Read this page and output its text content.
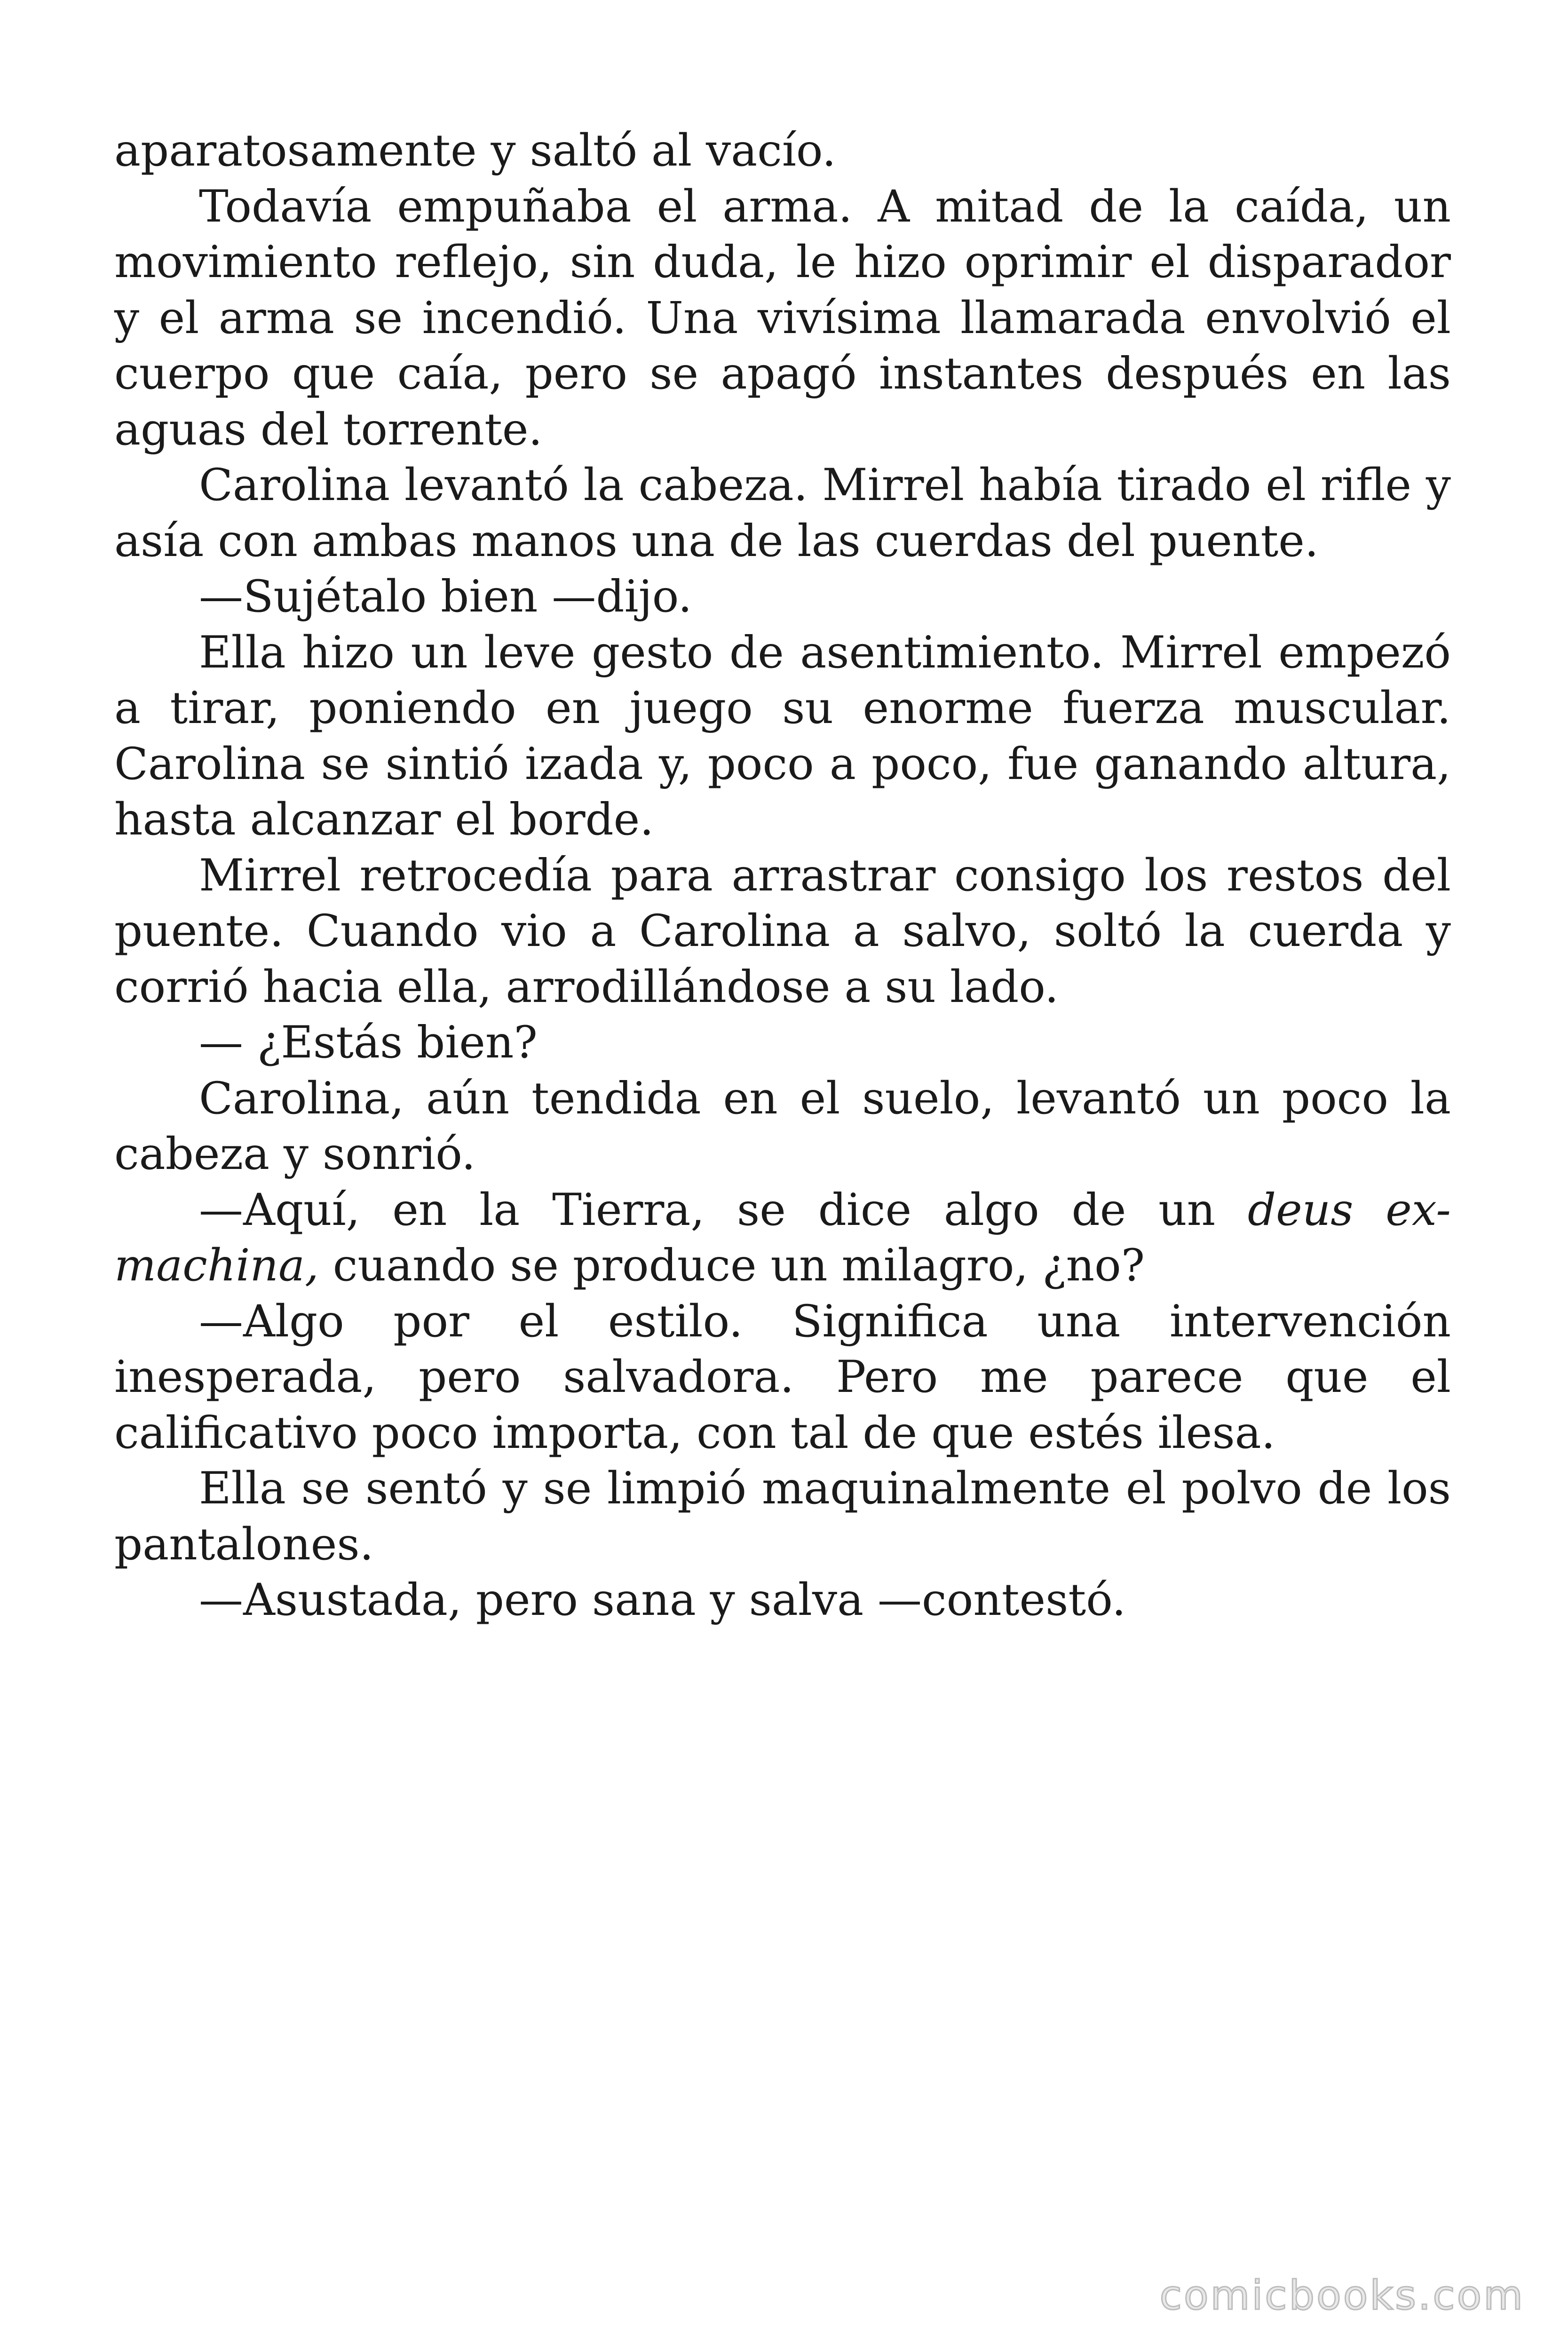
aparatosamente y saltó al vacío.

Todavía empuñaba el arma. A mitad de la caída, un movimiento reflejo, sin duda, le hizo oprimir el disparador y el arma se incendió. Una vivísima llamarada envolvió el cuerpo que caía, pero se apagó instantes después en las aguas del torrente.

Carolina levantó la cabeza. Mirrel había tirado el rifle y asía con ambas manos una de las cuerdas del puente.

—Sujétalo bien —dijo.

Ella hizo un leve gesto de asentimiento. Mirrel empezó a tirar, poniendo en juego su enorme fuerza muscular. Carolina se sintió izada y, poco a poco, fue ganando altura, hasta alcanzar el borde.

Mirrel retrocedía para arrastrar consigo los restos del puente. Cuando vio a Carolina a salvo, soltó la cuerda y corrió hacia ella, arrodillándose a su lado.

— ¿Estás bien?

Carolina, aún tendida en el suelo, levantó un poco la cabeza y sonrió.

—Aquí, en la Tierra, se dice algo de un deus ex-machina, cuando se produce un milagro, ¿no?

—Algo por el estilo. Significa una intervención inesperada, pero salvadora. Pero me parece que el calificativo poco importa, con tal de que estés ilesa.

Ella se sentó y se limpió maquinalmente el polvo de los pantalones.

—Asustada, pero sana y salva —contestó.

comicbooks.com
